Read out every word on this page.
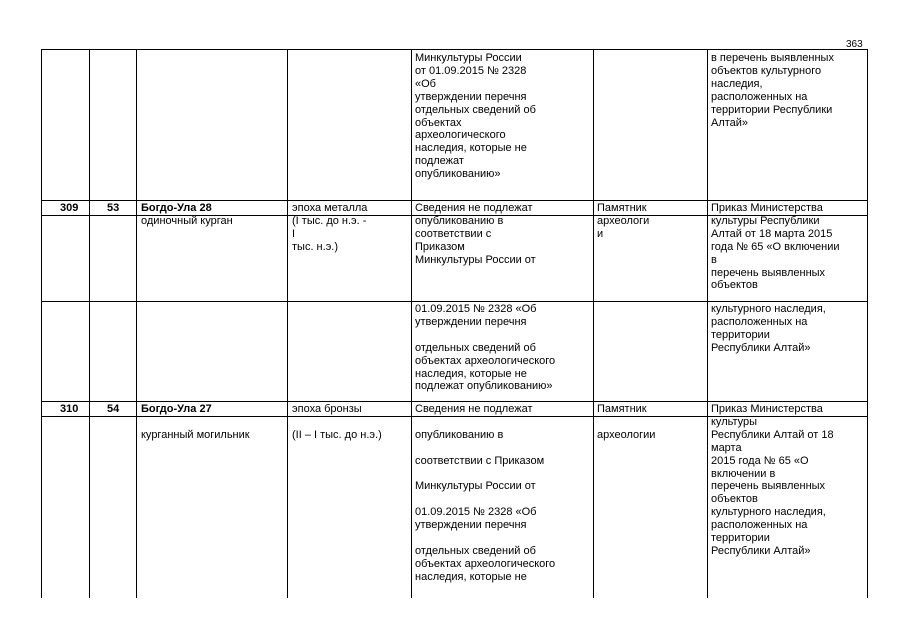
363
Минкультуры России
от 01.09.2015 № 2328
«Об
утверждении перечня
отдельных сведений об
объектах
археологического
наследия, которые не
подлежат
опубликованию»
в перечень выявленных
объектов культурного
наследия,
расположенных на
территории Республики
Алтай»
309	53 Богдо-Ула 28
одиночный курган
эпоха металла
(I тыс. до н.э. -
I
тыс. н.э.)
Сведения не подлежат
опубликованию в
соответствии с
Приказом
Минкультуры России от
01.09.2015 № 2328 «Об
утверждении перечня

отдельных сведений об
объектах археологического
наследия, которые не
подлежат опубликованию»
Памятник
археологи
и
Приказ Министерства
культуры Республики
Алтай от 18 марта 2015
года № 65 «О включении
в
перечень выявленных
объектов
культурного наследия,
расположенных на
территории
Республики Алтай»
310	54 Богдо-Ула 27
курганный могильник
эпоха бронзы

(II – I тыс. до н.э.)
Сведения не подлежат

опубликованию в

соответствии с Приказом

Минкультуры России от

01.09.2015 № 2328 «Об
утверждении перечня

отдельных сведений об
объектах археологического
наследия, которые не
Памятник

археологии
Приказ Министерства
культуры
Республики Алтай от 18
марта
2015 года № 65 «О
включении в
перечень выявленных
объектов
культурного наследия,
расположенных на
территории
Республики Алтай»
